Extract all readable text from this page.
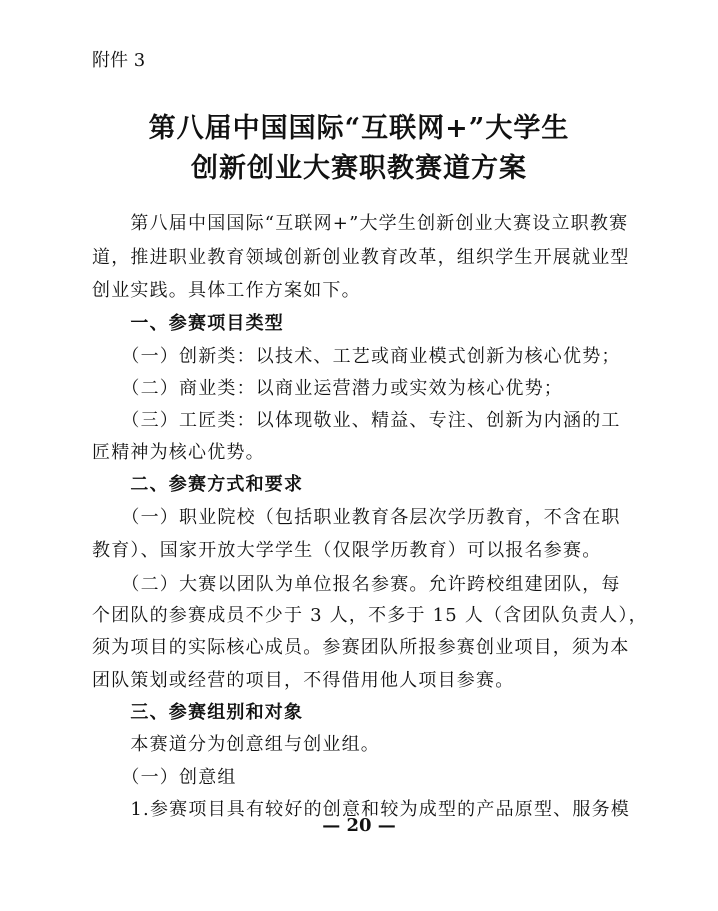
附件 3
第八届中国国际“互联网+”大学生
创新创业大赛职教赛道方案
　　第八届中国国际“互联网+”大学生创新创业大赛设立职教赛
道，推进职业教育领域创新创业教育改革，组织学生开展就业型
创业实践。具体工作方案如下。
　　一、参赛项目类型
　　（一）创新类：以技术、工艺或商业模式创新为核心优势；
　　（二）商业类：以商业运营潜力或实效为核心优势；
　　（三）工匠类：以体现敬业、精益、专注、创新为内涵的工
匠精神为核心优势。
　　二、参赛方式和要求
　　（一）职业院校（包括职业教育各层次学历教育，不含在职
教育）、国家开放大学学生（仅限学历教育）可以报名参赛。
　　（二）大赛以团队为单位报名参赛。允许跨校组建团队，每
个团队的参赛成员不少于 3 人，不多于 15 人（含团队负责人），
须为项目的实际核心成员。参赛团队所报参赛创业项目，须为本
团队策划或经营的项目，不得借用他人项目参赛。
　　三、参赛组别和对象
　　本赛道分为创意组与创业组。
　　（一）创意组
　　1.参赛项目具有较好的创意和较为成型的产品原型、服务模
— 20 —
